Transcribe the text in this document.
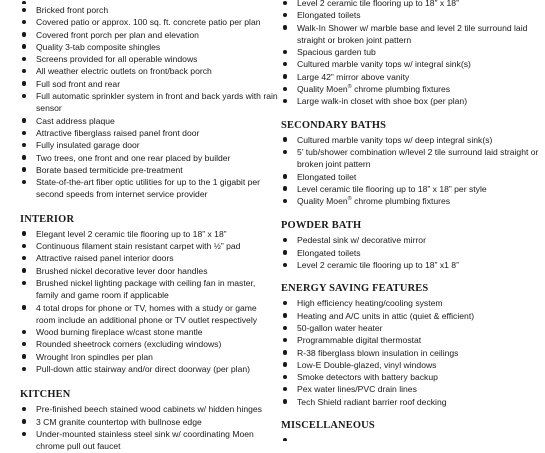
Bricked front porch
Covered patio or approx. 100 sq. ft. concrete patio per plan
Covered front porch per plan and elevation
Quality 3-tab composite shingles
Screens provided for all operable windows
All weather electric outlets on front/back porch
Full sod front and rear
Full automatic sprinkler system in front and back yards with rain sensor
Cast address plaque
Attractive fiberglass raised panel front door
Fully insulated garage door
Two trees, one front and one rear placed by builder
Borate based termiticide pre-treatment
State-of-the-art fiber optic utilities for up to the 1 gigabit per second speeds from internet service provider
INTERIOR
Elegant level 2 ceramic tile flooring up to 18” x 18”
Continuous filament stain resistant carpet with ½” pad
Attractive raised panel interior doors
Brushed nickel decorative lever door handles
Brushed nickel lighting package with ceiling fan in master, family and game room if applicable
4 total drops for phone or TV, homes with a study or game room include an additional phone or TV outlet respectively
Wood burning fireplace w/cast stone mantle
Rounded sheetrock corners (excluding windows)
Wrought Iron spindles per plan
Pull-down attic stairway and/or direct doorway (per plan)
KITCHEN
Pre-finished beech stained wood cabinets w/ hidden hinges
3 CM granite countertop with bullnose edge
Under-mounted stainless steel sink w/ coordinating Moen chrome pull out faucet
Level 2 ceramic tile flooring up to 18” x 18”
Elongated toilets
Walk-In Shower w/ marble base and level 2 tile surround laid straight or broken joint pattern
Spacious garden tub
Cultured marble vanity tops w/ integral sink(s)
Large 42” mirror above vanity
Quality Moen® chrome plumbing fixtures
Large walk-in closet with shoe box (per plan)
SECONDARY BATHS
Cultured marble vanity tops w/ deep integral sink(s)
5’ tub/shower combination w/level 2 tile surround laid straight or broken joint pattern
Elongated toilet
Level ceramic tile flooring up to 18” x 18” per style
Quality Moen® chrome plumbing fixtures
POWDER BATH
Pedestal sink w/ decorative mirror
Elongated toilets
Level 2 ceramic tile flooring up to 18” x1 8”
ENERGY SAVING FEATURES
High efficiency heating/cooling system
Heating and A/C units in attic (quiet & efficient)
50-gallon water heater
Programmable digital thermostat
R-38 fiberglass blown insulation in ceilings
Low-E Double-glazed, vinyl windows
Smoke detectors with battery backup
Pex water lines/PVC drain lines
Tech Shield radiant barrier roof decking
MISCELLANEOUS
